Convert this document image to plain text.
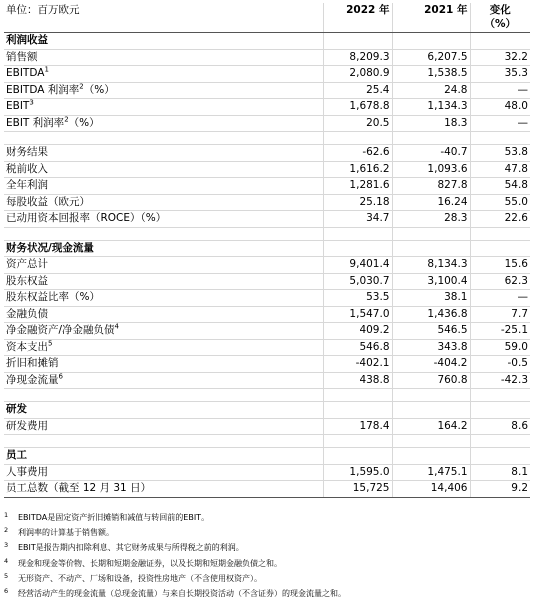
单位：百万欧元	2022 年	2021 年	变化
（%）
利润收益			
销售额	8,209.3	6,207.5	32.2
EBITDA$^1$	2,080.9	1,538.5	35.3
EBITDA 利润率$^2$（%）	25.4	24.8	—
EBIT$^3$	1,678.8	1,134.3	48.0
EBIT 利润率$^2$（%）	20.5	18.3	—

财务结果	-62.6	-40.7	53.8
税前收入	1,616.2	1,093.6	47.8
全年利润	1,281.6	827.8	54.8
每股收益（欧元）	25.18	16.24	55.0
已动用资本回报率（ROCE）（%）	34.7	28.3	22.6

财务状况/现金流量			
资产总计	9,401.4	8,134.3	15.6
股东权益	5,030.7	3,100.4	62.3
股东权益比率（%）	53.5	38.1	—
金融负债	1,547.0	1,436.8	7.7
净金融资产/净金融负债$^4$	409.2	546.5	-25.1
资本支出$^5$	546.8	343.8	59.0
折旧和摊销	-402.1	-404.2	-0.5
净现金流量$^6$	438.8	760.8	-42.3

研发			
研发费用	178.4	164.2	8.6

员工			
人事费用	1,595.0	1,475.1	8.1
员工总数（截至 12 月 31 日）	15,725	14,406	9.2
1	EBITDA是固定资产折旧摊销和减值与转回前的EBIT。
2	利润率的计算基于销售额。
3	EBIT是报告期内扣除利息、其它财务成果与所得税之前的利润。
4	现金和现金等价物、长期和短期金融证券，以及长期和短期金融负债之和。
5	无形资产、不动产、厂场和设备，投资性房地产（不含使用权资产）。
6	经营活动产生的现金流量（总现金流量）与来自长期投资活动（不含证券）的现金流量之和。
